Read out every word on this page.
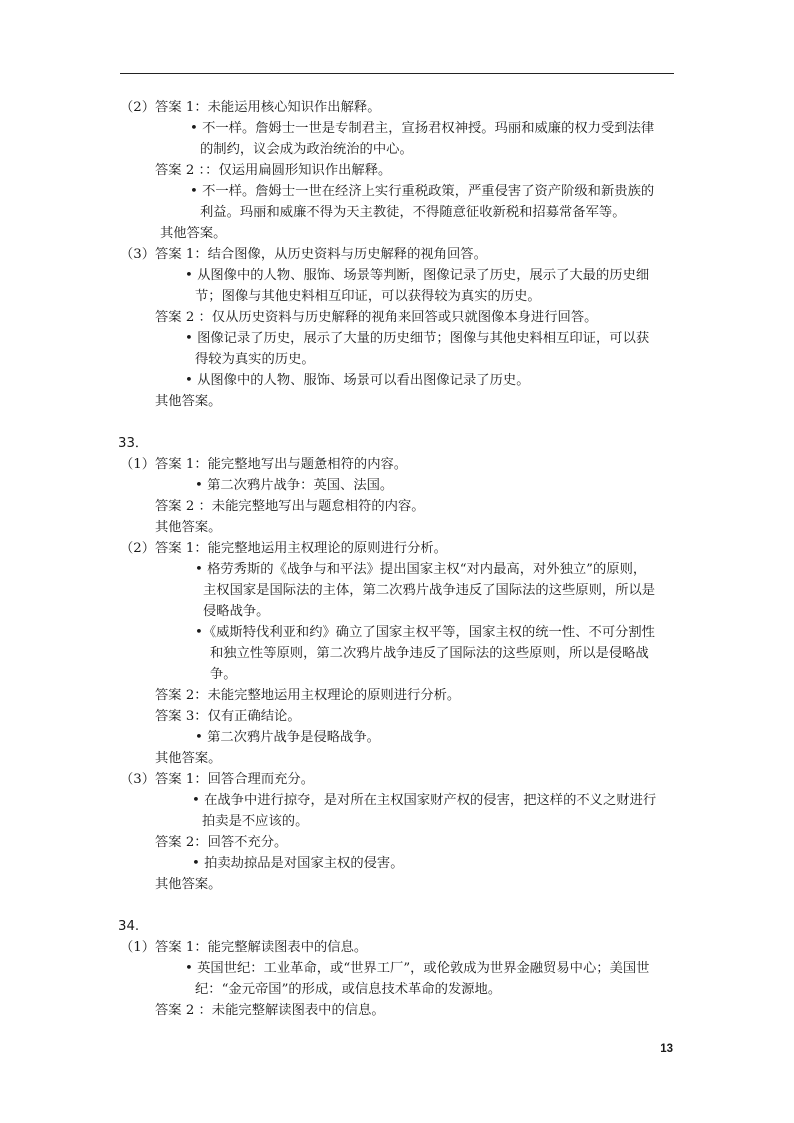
（2）答案 1：未能运用核心知识作出解释。
• 不一样。詹姆士一世是专制君主，宣扬君权神授。玛丽和威廉的权力受到法律
的制约，议会成为政治统治的中心。
答案 2 ：：仅运用扁圆形知识作出解释。
• 不一样。詹姆士一世在经济上实行重税政策，严重侵害了资产阶级和新贵族的
利益。玛丽和威廉不得为天主教徒，不得随意征收新税和招募常备军等。
其他答案。
（3）答案 1：结合图像，从历史资料与历史解释的视角回答。
• 从图像中的人物、服饰、场景等判断，图像记录了历史，展示了大最的历史细
节；图像与其他史料相互印证，可以获得较为真实的历史。
答案 2 ：仅从历史资料与历史解释的视角来回答或只就图像本身进行回答。
• 图像记录了历史，展示了大量的历史细节；图像与其他史料相互印证，可以获
得较为真实的历史。
• 从图像中的人物、服饰、场景可以看出图像记录了历史。
其他答案。
33．
（1）答案 1：能完整地写出与题惫相符的内容。
• 第二次鸦片战争：英国、法国。
答案 2 ：未能完整地写出与题怠相符的内容。
其他答案。
（2）答案 1：能完整地运用主权理论的原则进行分析。
• 格劳秀斯的《战争与和平法》提出国家主权“对内最高，对外独立”的原则，
主权国家是国际法的主体，第二次鸦片战争违反了国际法的这些原则，所以是
侵略战争。
•《威斯特伐利亚和约》确立了国家主权平等，国家主权的统一性、不可分割性
和独立性等原则，第二次鸦片战争违反了国际法的这些原则，所以是侵略战
争。
答案 2：未能完整地运用主权理论的原则进行分析。
答案 3：仅有正确结论。
• 第二次鸦片战争是侵略战争。
其他答案。
（3）答案 1：回答合理而充分。
• 在战争中进行掠夺，是对所在主权国家财产权的侵害，把这样的不义之财进行
拍卖是不应该的。
答案 2：回答不充分。
• 拍卖劫掠品是对国家主权的侵害。
其他答案。
34.
（1）答案 1：能完整解读图表中的信息。
• 英国世纪：工业革命，或“世界工厂”，或伦敦成为世界金融贸易中心；美国世
纪：“金元帝国”的形成，或信息技术革命的发源地。
答案 2 ：未能完整解读图表中的信息。
13
